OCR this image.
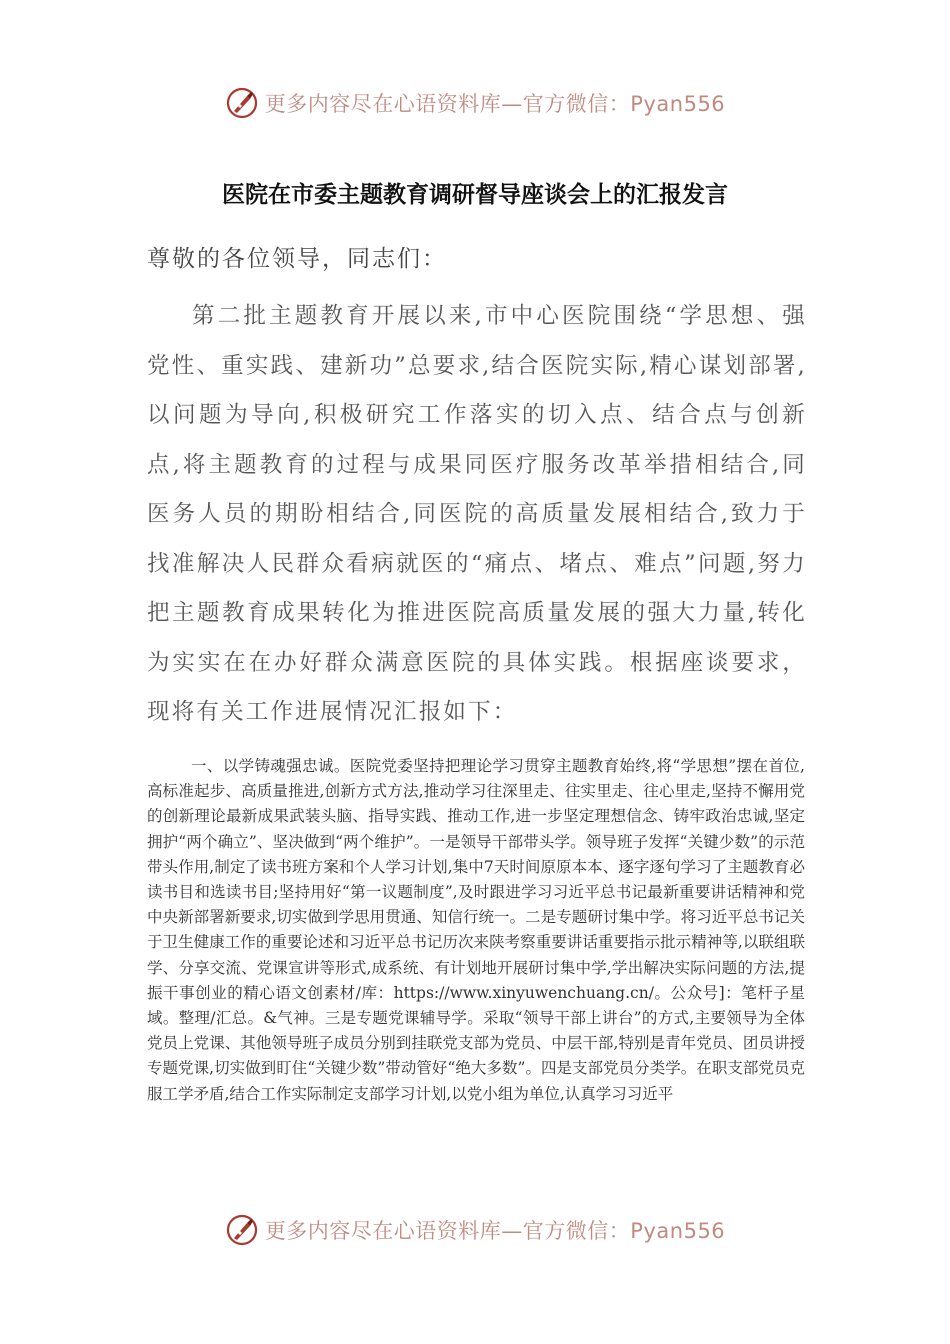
更多内容尽在心语资料库—官方微信：Pyan556
医院在市委主题教育调研督导座谈会上的汇报发言
尊敬的各位领导，同志们：

第二批主题教育开展以来,市中心医院围绕“学思想、强党性、重实践、建新功”总要求,结合医院实际,精心谋划部署,以问题为导向,积极研究工作落实的切入点、结合点与创新点,将主题教育的过程与成果同医疗服务改革举措相结合,同医务人员的期盼相结合,同医院的高质量发展相结合,致力于找准解决人民群众看病就医的“痛点、堵点、难点”问题,努力把主题教育成果转化为推进医院高质量发展的强大力量,转化为实实在在办好群众满意医院的具体实践。根据座谈要求，现将有关工作进展情况汇报如下：

一、以学铸魂强忠诚。医院党委坚持把理论学习贯穿主题教育始终,将“学思想”摆在首位,高标准起步、高质量推进,创新方式方法,推动学习往深里走、往实里走、往心里走,坚持不懈用党的创新理论最新成果武装头脑、指导实践、推动工作,进一步坚定理想信念、铸牢政治忠诚,坚定拥护“两个确立”、坚决做到“两个维护”。一是领导干部带头学。领导班子发挥“关键少数”的示范带头作用,制定了读书班方案和个人学习计划,集中7天时间原原本本、逐字逐句学习了主题教育必读书目和选读书目;坚持用好“第一议题制度”,及时跟进学习习近平总书记最新重要讲话精神和党中央新部署新要求,切实做到学思用贯通、知信行统一。二是专题研讨集中学。将习近平总书记关于卫生健康工作的重要论述和习近平总书记历次来陕考察重要讲话重要指示批示精神等,以联组联学、分享交流、党课宣讲等形式,成系统、有计划地开展研讨集中学,学出解决实际问题的方法,提振干事创业的精心语文创素材/库：https://www.xinyuwenchuang.cn/。公众号]：笔杆子星域。整理/汇总。&气神。三是专题党课辅导学。采取“领导干部上讲台”的方式,主要领导为全体党员上党课、其他领导班子成员分别到挂联党支部为党员、中层干部,特别是青年党员、团员讲授专题党课,切实做到盯住“关键少数”带动管好“绝大多数”。四是支部党员分类学。在职支部党员克服工学矛盾,结合工作实际制定支部学习计划,以党小组为单位,认真学习习近平

更多内容尽在心语资料库—官方微信：Pyan556
